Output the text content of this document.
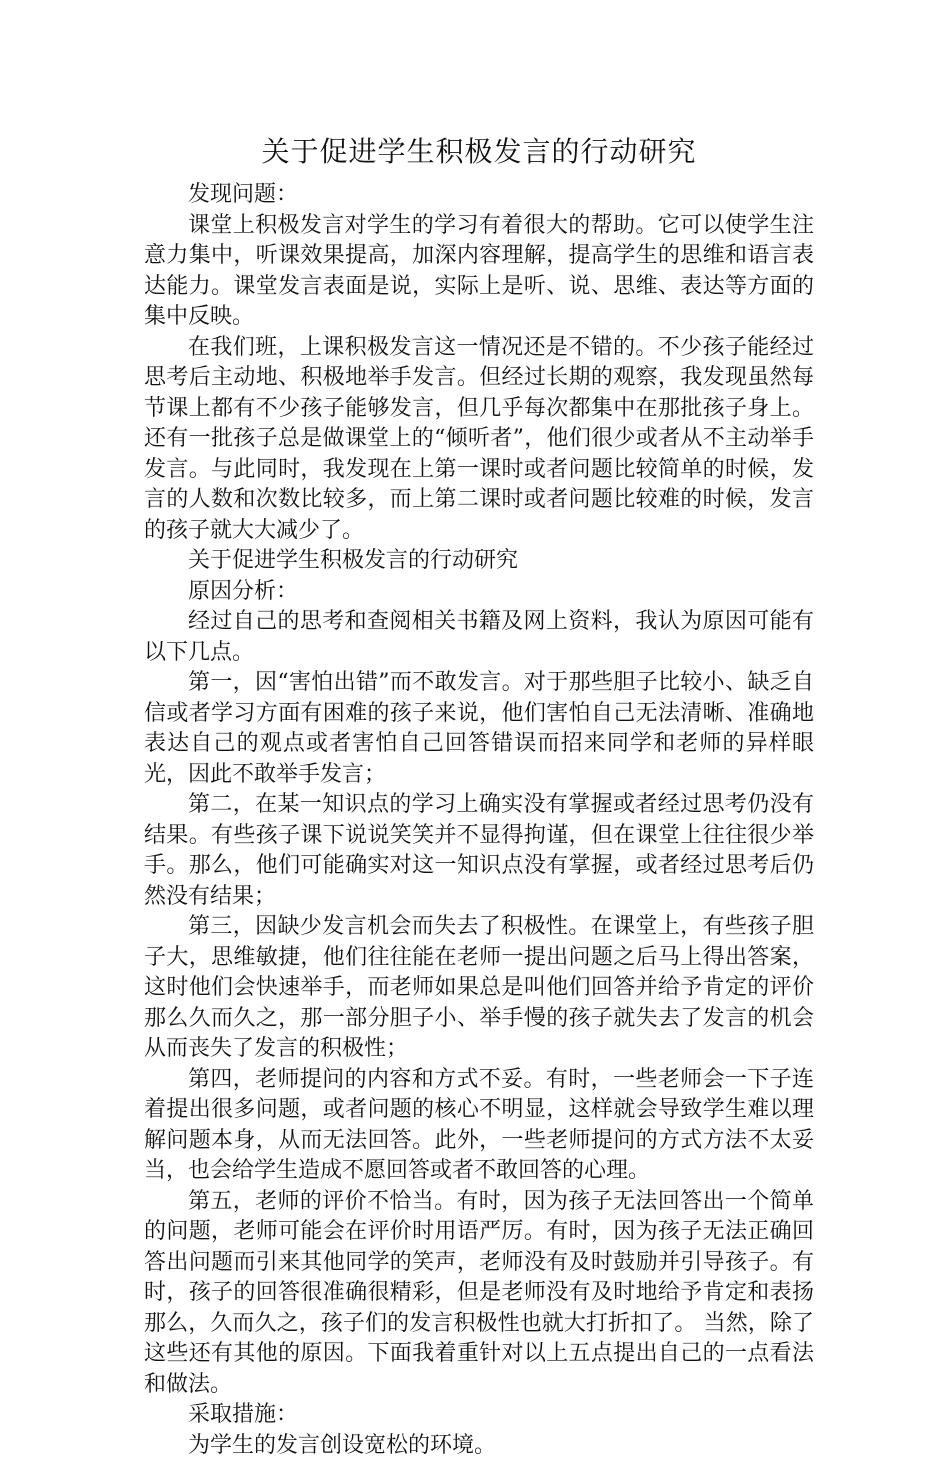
关于促进学生积极发言的行动研究

发现问题：

课堂上积极发言对学生的学习有着很大的帮助。它可以使学生注意力集中，听课效果提高，加深内容理解，提高学生的思维和语言表达能力。课堂发言表面是说，实际上是听、说、思维、表达等方面的集中反映。

在我们班，上课积极发言这一情况还是不错的。不少孩子能经过思考后主动地、积极地举手发言。但经过长期的观察，我发现虽然每节课上都有不少孩子能够发言，但几乎每次都集中在那批孩子身上。还有一批孩子总是做课堂上的“倾听者”，他们很少或者从不主动举手发言。与此同时，我发现在上第一课时或者问题比较简单的时候，发言的人数和次数比较多，而上第二课时或者问题比较难的时候，发言的孩子就大大减少了。

关于促进学生积极发言的行动研究

原因分析：

经过自己的思考和查阅相关书籍及网上资料，我认为原因可能有以下几点。

第一，因“害怕出错”而不敢发言。对于那些胆子比较小、缺乏自信或者学习方面有困难的孩子来说，他们害怕自己无法清晰、准确地表达自己的观点或者害怕自己回答错误而招来同学和老师的异样眼光，因此不敢举手发言；

第二，在某一知识点的学习上确实没有掌握或者经过思考仍没有结果。有些孩子课下说说笑笑并不显得拘谨，但在课堂上往往很少举手。那么，他们可能确实对这一知识点没有掌握，或者经过思考后仍然没有结果；

第三，因缺少发言机会而失去了积极性。在课堂上，有些孩子胆子大，思维敏捷，他们往往能在老师一提出问题之后马上得出答案，这时他们会快速举手，而老师如果总是叫他们回答并给予肯定的评价那么久而久之，那一部分胆子小、举手慢的孩子就失去了发言的机会从而丧失了发言的积极性；

第四，老师提问的内容和方式不妥。有时，一些老师会一下子连着提出很多问题，或者问题的核心不明显，这样就会导致学生难以理解问题本身，从而无法回答。此外，一些老师提问的方式方法不太妥当，也会给学生造成不愿回答或者不敢回答的心理。

第五，老师的评价不恰当。有时，因为孩子无法回答出一个简单的问题，老师可能会在评价时用语严厉。有时，因为孩子无法正确回答出问题而引来其他同学的笑声，老师没有及时鼓励并引导孩子。有时，孩子的回答很准确很精彩，但是老师没有及时地给予肯定和表扬那么，久而久之，孩子们的发言积极性也就大打折扣了。 当然，除了这些还有其他的原因。下面我着重针对以上五点提出自己的一点看法和做法。

采取措施：

为学生的发言创设宽松的环境。
